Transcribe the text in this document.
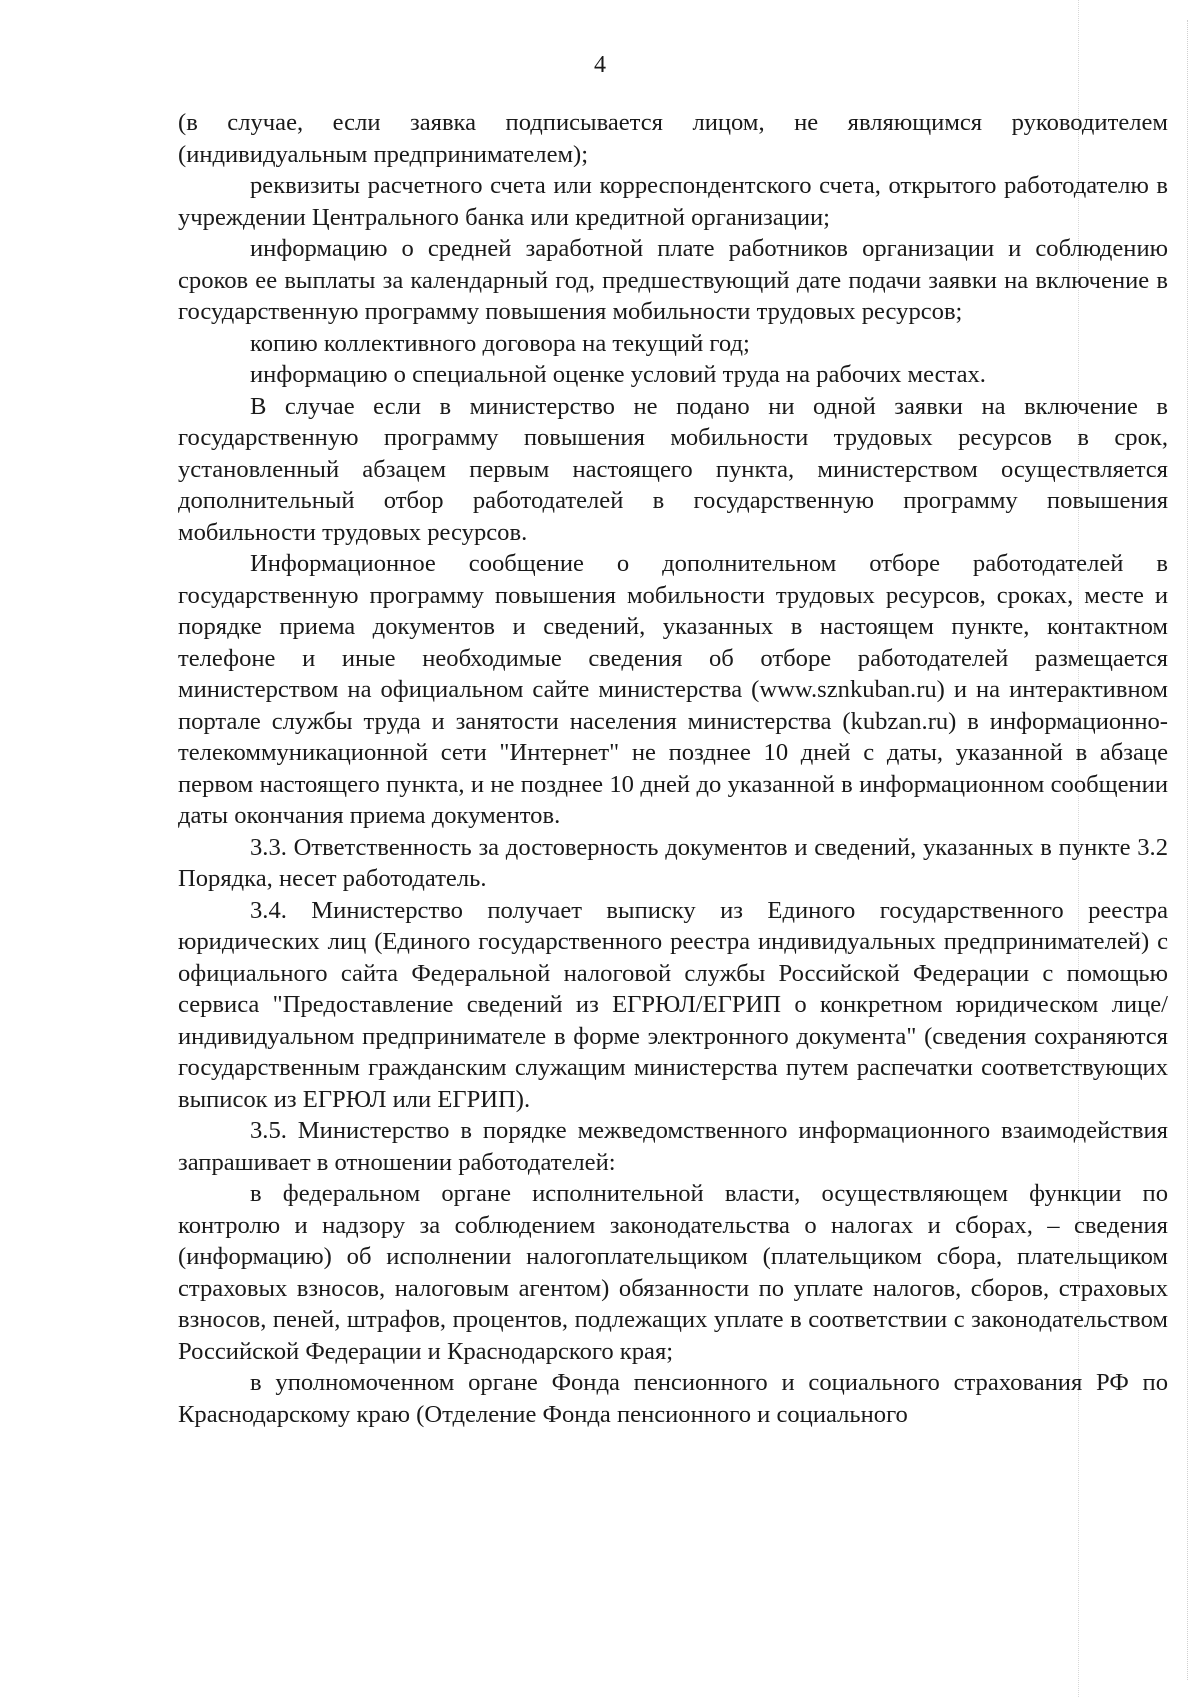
4

(в случае, если заявка подписывается лицом, не являющимся руководителем (индивидуальным предпринимателем);

реквизиты расчетного счета или корреспондентского счета, открытого работодателю в учреждении Центрального банка или кредитной организации;

информацию о средней заработной плате работников организации и соблюдению сроков ее выплаты за календарный год, предшествующий дате подачи заявки на включение в государственную программу повышения мобильности трудовых ресурсов;

копию коллективного договора на текущий год;

информацию о специальной оценке условий труда на рабочих местах.

В случае если в министерство не подано ни одной заявки на включение в государственную программу повышения мобильности трудовых ресурсов в срок, установленный абзацем первым настоящего пункта, министерством осуществляется дополнительный отбор работодателей в государственную программу повышения мобильности трудовых ресурсов.

Информационное сообщение о дополнительном отборе работодателей в государственную программу повышения мобильности трудовых ресурсов, сроках, месте и порядке приема документов и сведений, указанных в настоящем пункте, контактном телефоне и иные необходимые сведения об отборе работодателей размещается министерством на официальном сайте министерства (www.sznkuban.ru) и на интерактивном портале службы труда и занятости населения министерства (kubzan.ru) в информационно-телекоммуникационной сети "Интернет" не позднее 10 дней с даты, указанной в абзаце первом настоящего пункта, и не позднее 10 дней до указанной в информационном сообщении даты окончания приема документов.

3.3. Ответственность за достоверность документов и сведений, указанных в пункте 3.2 Порядка, несет работодатель.

3.4. Министерство получает выписку из Единого государственного реестра юридических лиц (Единого государственного реестра индивидуальных предпринимателей) с официального сайта Федеральной налоговой службы Российской Федерации с помощью сервиса "Предоставление сведений из ЕГРЮЛ/ЕГРИП о конкретном юридическом лице/индивидуальном предпринимателе в форме электронного документа" (сведения сохраняются государственным гражданским служащим министерства путем распечатки соответствующих выписок из ЕГРЮЛ или ЕГРИП).

3.5. Министерство в порядке межведомственного информационного взаимодействия запрашивает в отношении работодателей:

в федеральном органе исполнительной власти, осуществляющем функции по контролю и надзору за соблюдением законодательства о налогах и сборах, – сведения (информацию) об исполнении налогоплательщиком (плательщиком сбора, плательщиком страховых взносов, налоговым агентом) обязанности по уплате налогов, сборов, страховых взносов, пеней, штрафов, процентов, подлежащих уплате в соответствии с законодательством Российской Федерации и Краснодарского края;

в уполномоченном органе Фонда пенсионного и социального страхования РФ по Краснодарскому краю (Отделение Фонда пенсионного и социального
